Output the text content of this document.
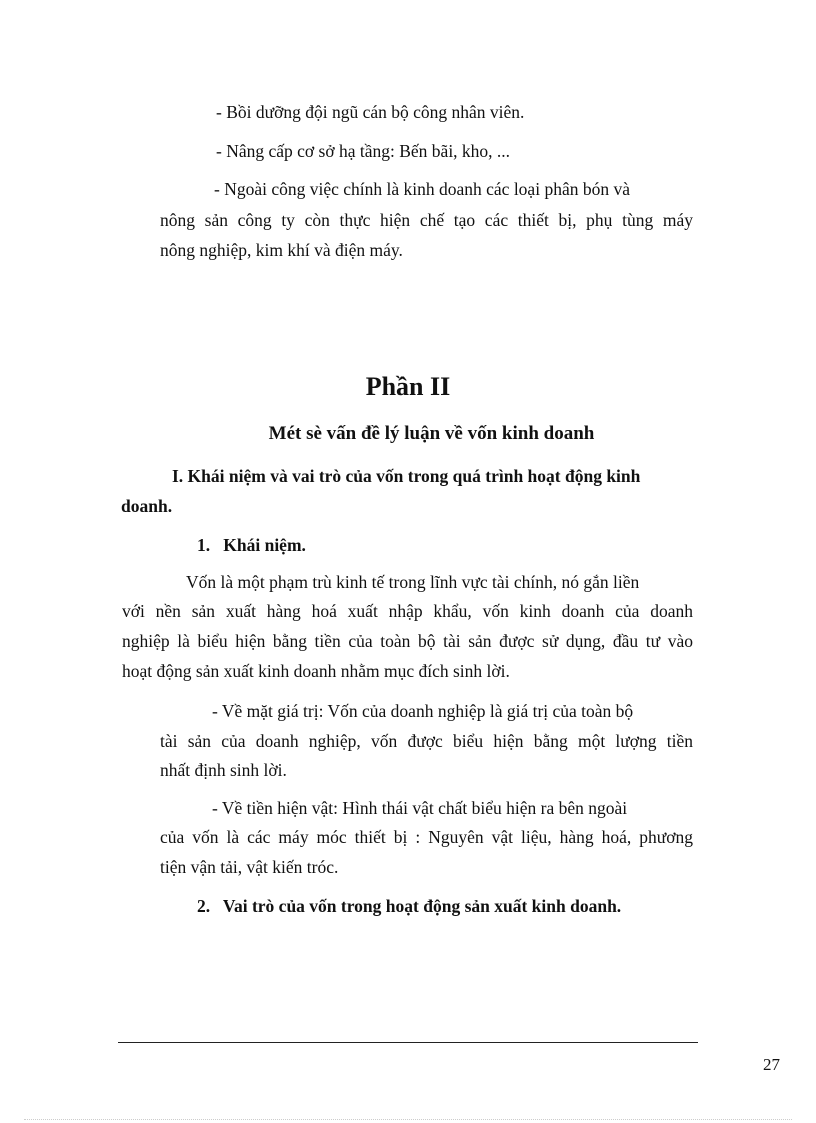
- Bồi dưỡng đội ngũ cán bộ công nhân viên.
- Nâng cấp cơ sở hạ tầng: Bến bãi, kho, ...
- Ngoài công việc chính là kinh doanh các loại phân bón và
nông sản công ty còn thực hiện chế tạo các thiết bị, phụ tùng máy
nông nghiệp, kim khí và điện máy.
Phần II
Mét sè vấn đề lý luận về vốn kinh doanh
I. Khái niệm và vai trò của vốn trong quá trình hoạt động kinh
doanh.
1.   Khái niệm.
Vốn là một phạm trù kinh tế trong lĩnh vực tài chính, nó gắn liền
với nền sản xuất hàng hoá xuất nhập khẩu, vốn kinh doanh của doanh
nghiệp là biểu hiện bằng tiền của toàn bộ tài sản được sử dụng, đầu tư vào
hoạt động sản xuất kinh doanh nhằm mục đích sinh lời.
- Về mặt giá trị: Vốn của doanh nghiệp là giá trị của toàn bộ
tài sản của doanh nghiệp, vốn được biểu hiện bằng một lượng tiền
nhất định sinh lời.
- Về tiền hiện vật: Hình thái vật chất biểu hiện ra bên ngoài
của vốn là các máy móc thiết bị : Nguyên vật liệu, hàng hoá, phương
tiện vận tải, vật kiến tróc.
2.   Vai trò của vốn trong hoạt động sản xuất kinh doanh.
27
